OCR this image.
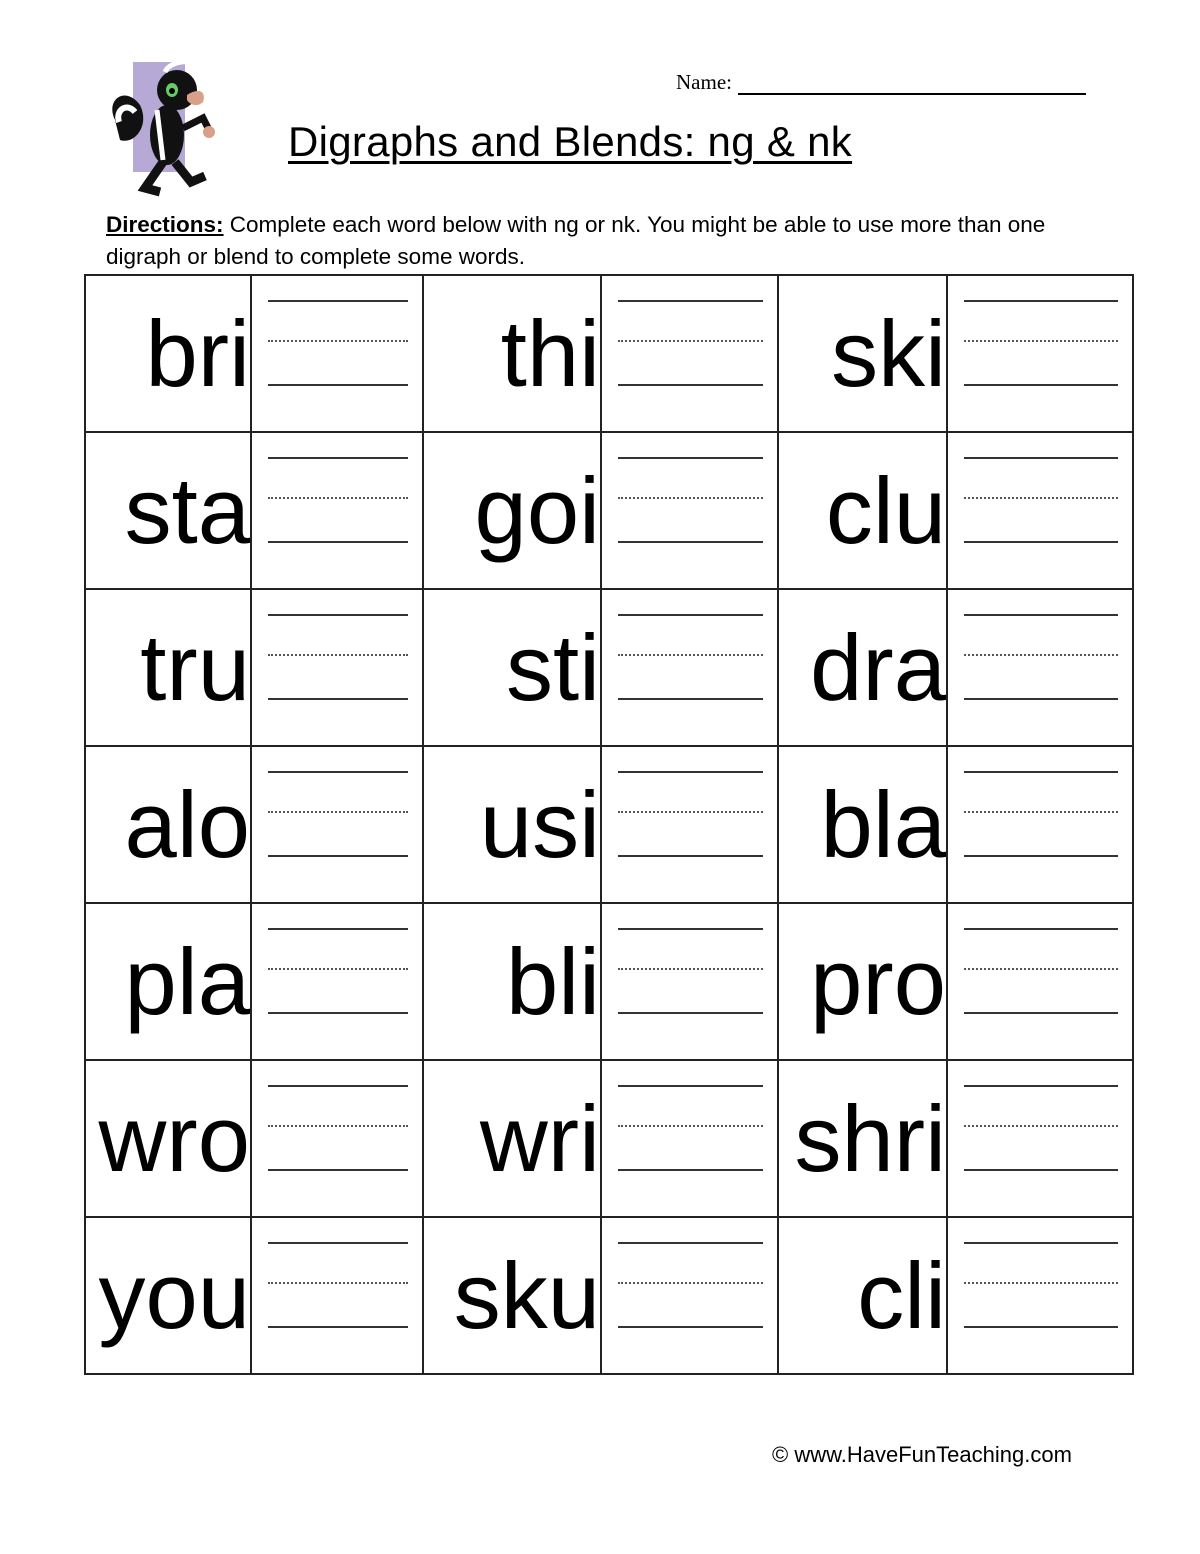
Name:
Digraphs and Blends: ng & nk
Directions: Complete each word below with ng or nk. You might be able to use more than one digraph or blend to complete some words.
bri		thi		ski	

sta		goi		clu	

tru		sti		dra	

alo		usi		bla	

pla		bli		pro	

wro		wri		shri	

you		sku		cli	
© www.HaveFunTeaching.com
